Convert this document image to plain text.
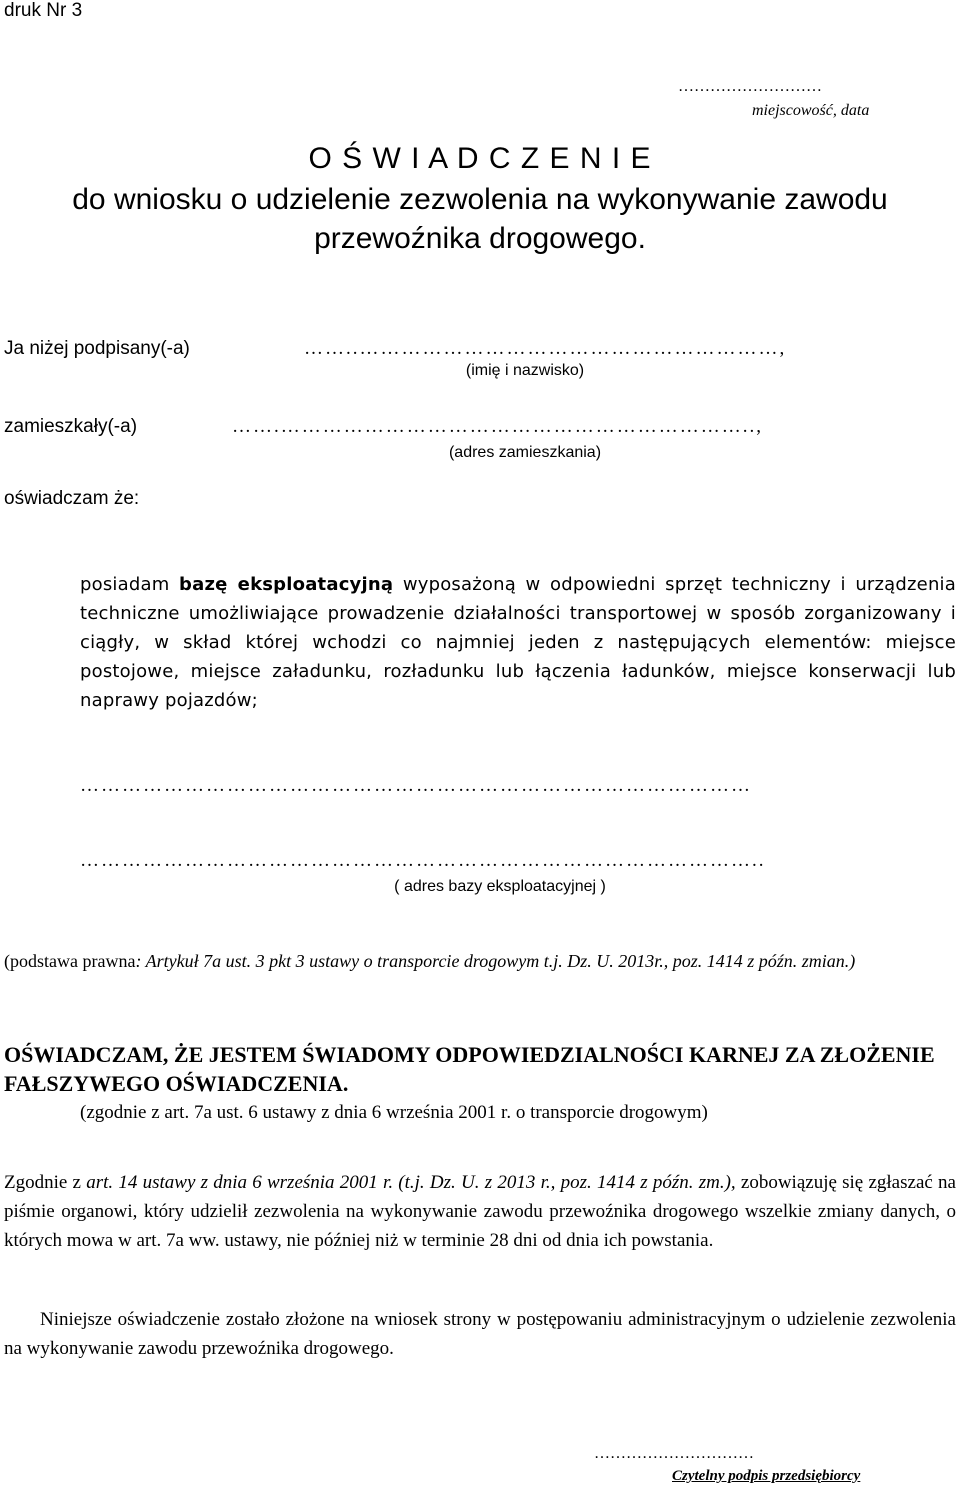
druk Nr 3
………………………
miejscowość, data
O Ś W I A D C Z E N I E
do wniosku o udzielenie zezwolenia na wykonywanie zawodu
przewoźnika drogowego.
Ja niżej podpisany(-a)	……..……………………………………………………,
(imię i nazwisko)
zamieszkały(-a)	…….…………………………………………………………..,
(adres zamieszkania)
oświadczam że:
posiadam bazę eksploatacyjną wyposażoną w odpowiedni sprzęt techniczny i urządzenia techniczne umożliwiające prowadzenie działalności transportowej w sposób zorganizowany i ciągły, w skład której wchodzi co najmniej jeden z następujących elementów: miejsce postojowe, miejsce załadunku, rozładunku lub łączenia ładunków, miejsce konserwacji lub naprawy pojazdów;
……………………………………………………………………………………
……………………………………………………………………………………..
( adres bazy eksploatacyjnej )
(podstawa prawna: Artykuł 7a ust. 3 pkt 3 ustawy o transporcie drogowym t.j. Dz. U. 2013r., poz. 1414 z późn. zmian.)
OŚWIADCZAM, ŻE JESTEM ŚWIADOMY ODPOWIEDZIALNOŚCI KARNEJ ZA ZŁOŻENIE FAŁSZYWEGO OŚWIADCZENIA.
(zgodnie z art. 7a ust. 6 ustawy z dnia 6 września 2001 r. o transporcie drogowym)
Zgodnie z art. 14 ustawy z dnia 6 września 2001 r. (t.j. Dz. U. z 2013 r., poz. 1414 z późn. zm.), zobowiązuję się zgłaszać na piśmie organowi, który udzielił zezwolenia na wykonywanie zawodu przewoźnika drogowego wszelkie zmiany danych, o których mowa w art. 7a ww. ustawy, nie później niż w terminie 28 dni od dnia ich powstania.
Niniejsze oświadczenie zostało złożone na wniosek strony w postępowaniu administracyjnym o udzielenie zezwolenia na wykonywanie zawodu przewoźnika drogowego.
…………………………
Czytelny podpis przedsiębiorcy
